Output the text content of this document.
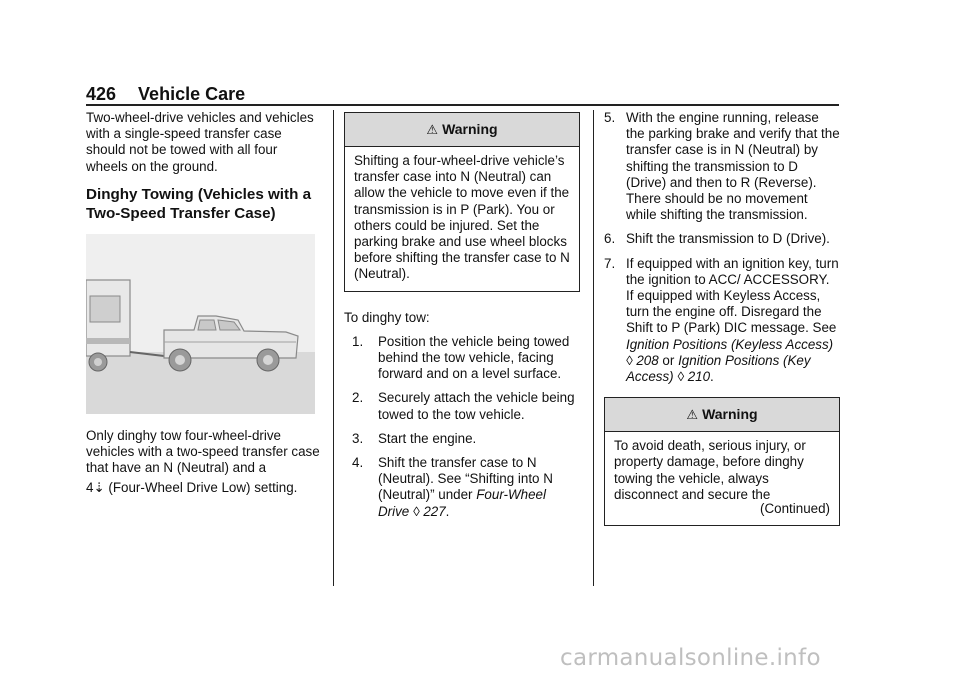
426 Vehicle Care

Two-wheel-drive vehicles and vehicles with a single-speed transfer case should not be towed with all four wheels on the ground.

Dinghy Towing (Vehicles with a Two-Speed Transfer Case)

Only dinghy tow four-wheel-drive vehicles with a two-speed transfer case that have an N (Neutral) and a

4⇣ (Four-Wheel Drive Low) setting.

⚠ Warning
Shifting a four-wheel-drive vehicle’s transfer case into N (Neutral) can allow the vehicle to move even if the transmission is in P (Park). You or others could be injured. Set the parking brake and use wheel blocks before shifting the transfer case to N (Neutral).

To dinghy tow:

1. Position the vehicle being towed behind the tow vehicle, facing forward and on a level surface.
2. Securely attach the vehicle being towed to the tow vehicle.
3. Start the engine.
4. Shift the transfer case to N (Neutral). See “Shifting into N (Neutral)” under Four-Wheel Drive ◊ 227.
5. With the engine running, release the parking brake and verify that the transfer case is in N (Neutral) by shifting the transmission to D (Drive) and then to R (Reverse). There should be no movement while shifting the transmission.
6. Shift the transmission to D (Drive).
7. If equipped with an ignition key, turn the ignition to ACC/ ACCESSORY. If equipped with Keyless Access, turn the engine off. Disregard the Shift to P (Park) DIC message. See Ignition Positions (Keyless Access) ◊ 208 or Ignition Positions (Key Access) ◊ 210.
⚠ Warning
To avoid death, serious injury, or property damage, before dinghy towing the vehicle, always disconnect and secure the
(Continued)
carmanualsonline.info
